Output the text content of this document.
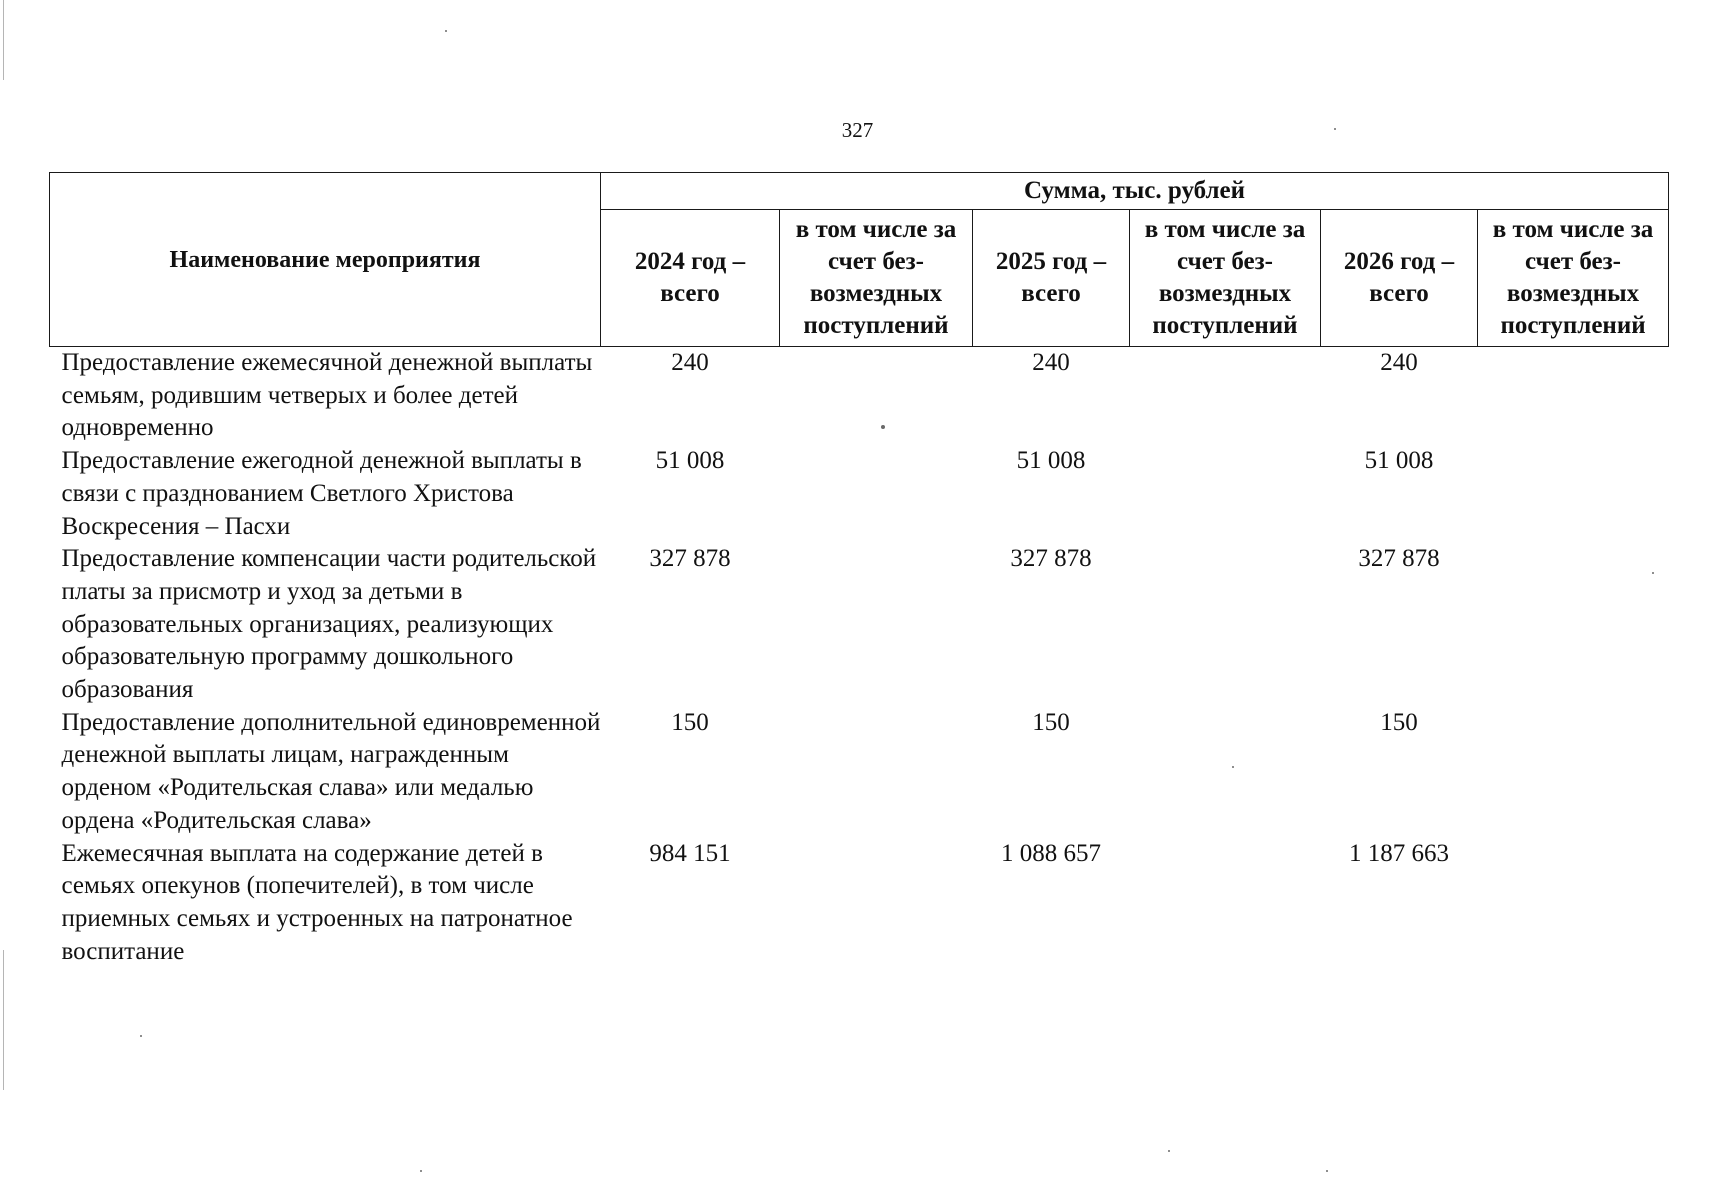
327
Наименование мероприятия	Сумма, тыс. рублей					
	2024 год – всего	в том числе за счет без-возмездных поступлений	2025 год – всего	в том числе за счет без-возмездных поступлений	2026 год – всего	в том числе за счет без-возмездных поступлений
Предоставление ежемесячной денежной выплаты семьям, родившим четверых и более детей одновременно	240		240		240	
Предоставление ежегодной денежной выплаты в связи с празднованием Светлого Христова Воскресения – Пасхи	51 008		51 008		51 008	
Предоставление компенсации части родительской платы за присмотр и уход за детьми в образовательных организациях, реализующих образовательную программу дошкольного образования	327 878		327 878		327 878	
Предоставление дополнительной единовременной денежной выплаты лицам, награжденным орденом «Родительская слава» или медалью ордена «Родительская слава»	150		150		150	
Ежемесячная выплата на содержание детей в семьях опекунов (попечителей), в том числе приемных семьях и устроенных на патронатное воспитание	984 151		1 088 657		1 187 663	
